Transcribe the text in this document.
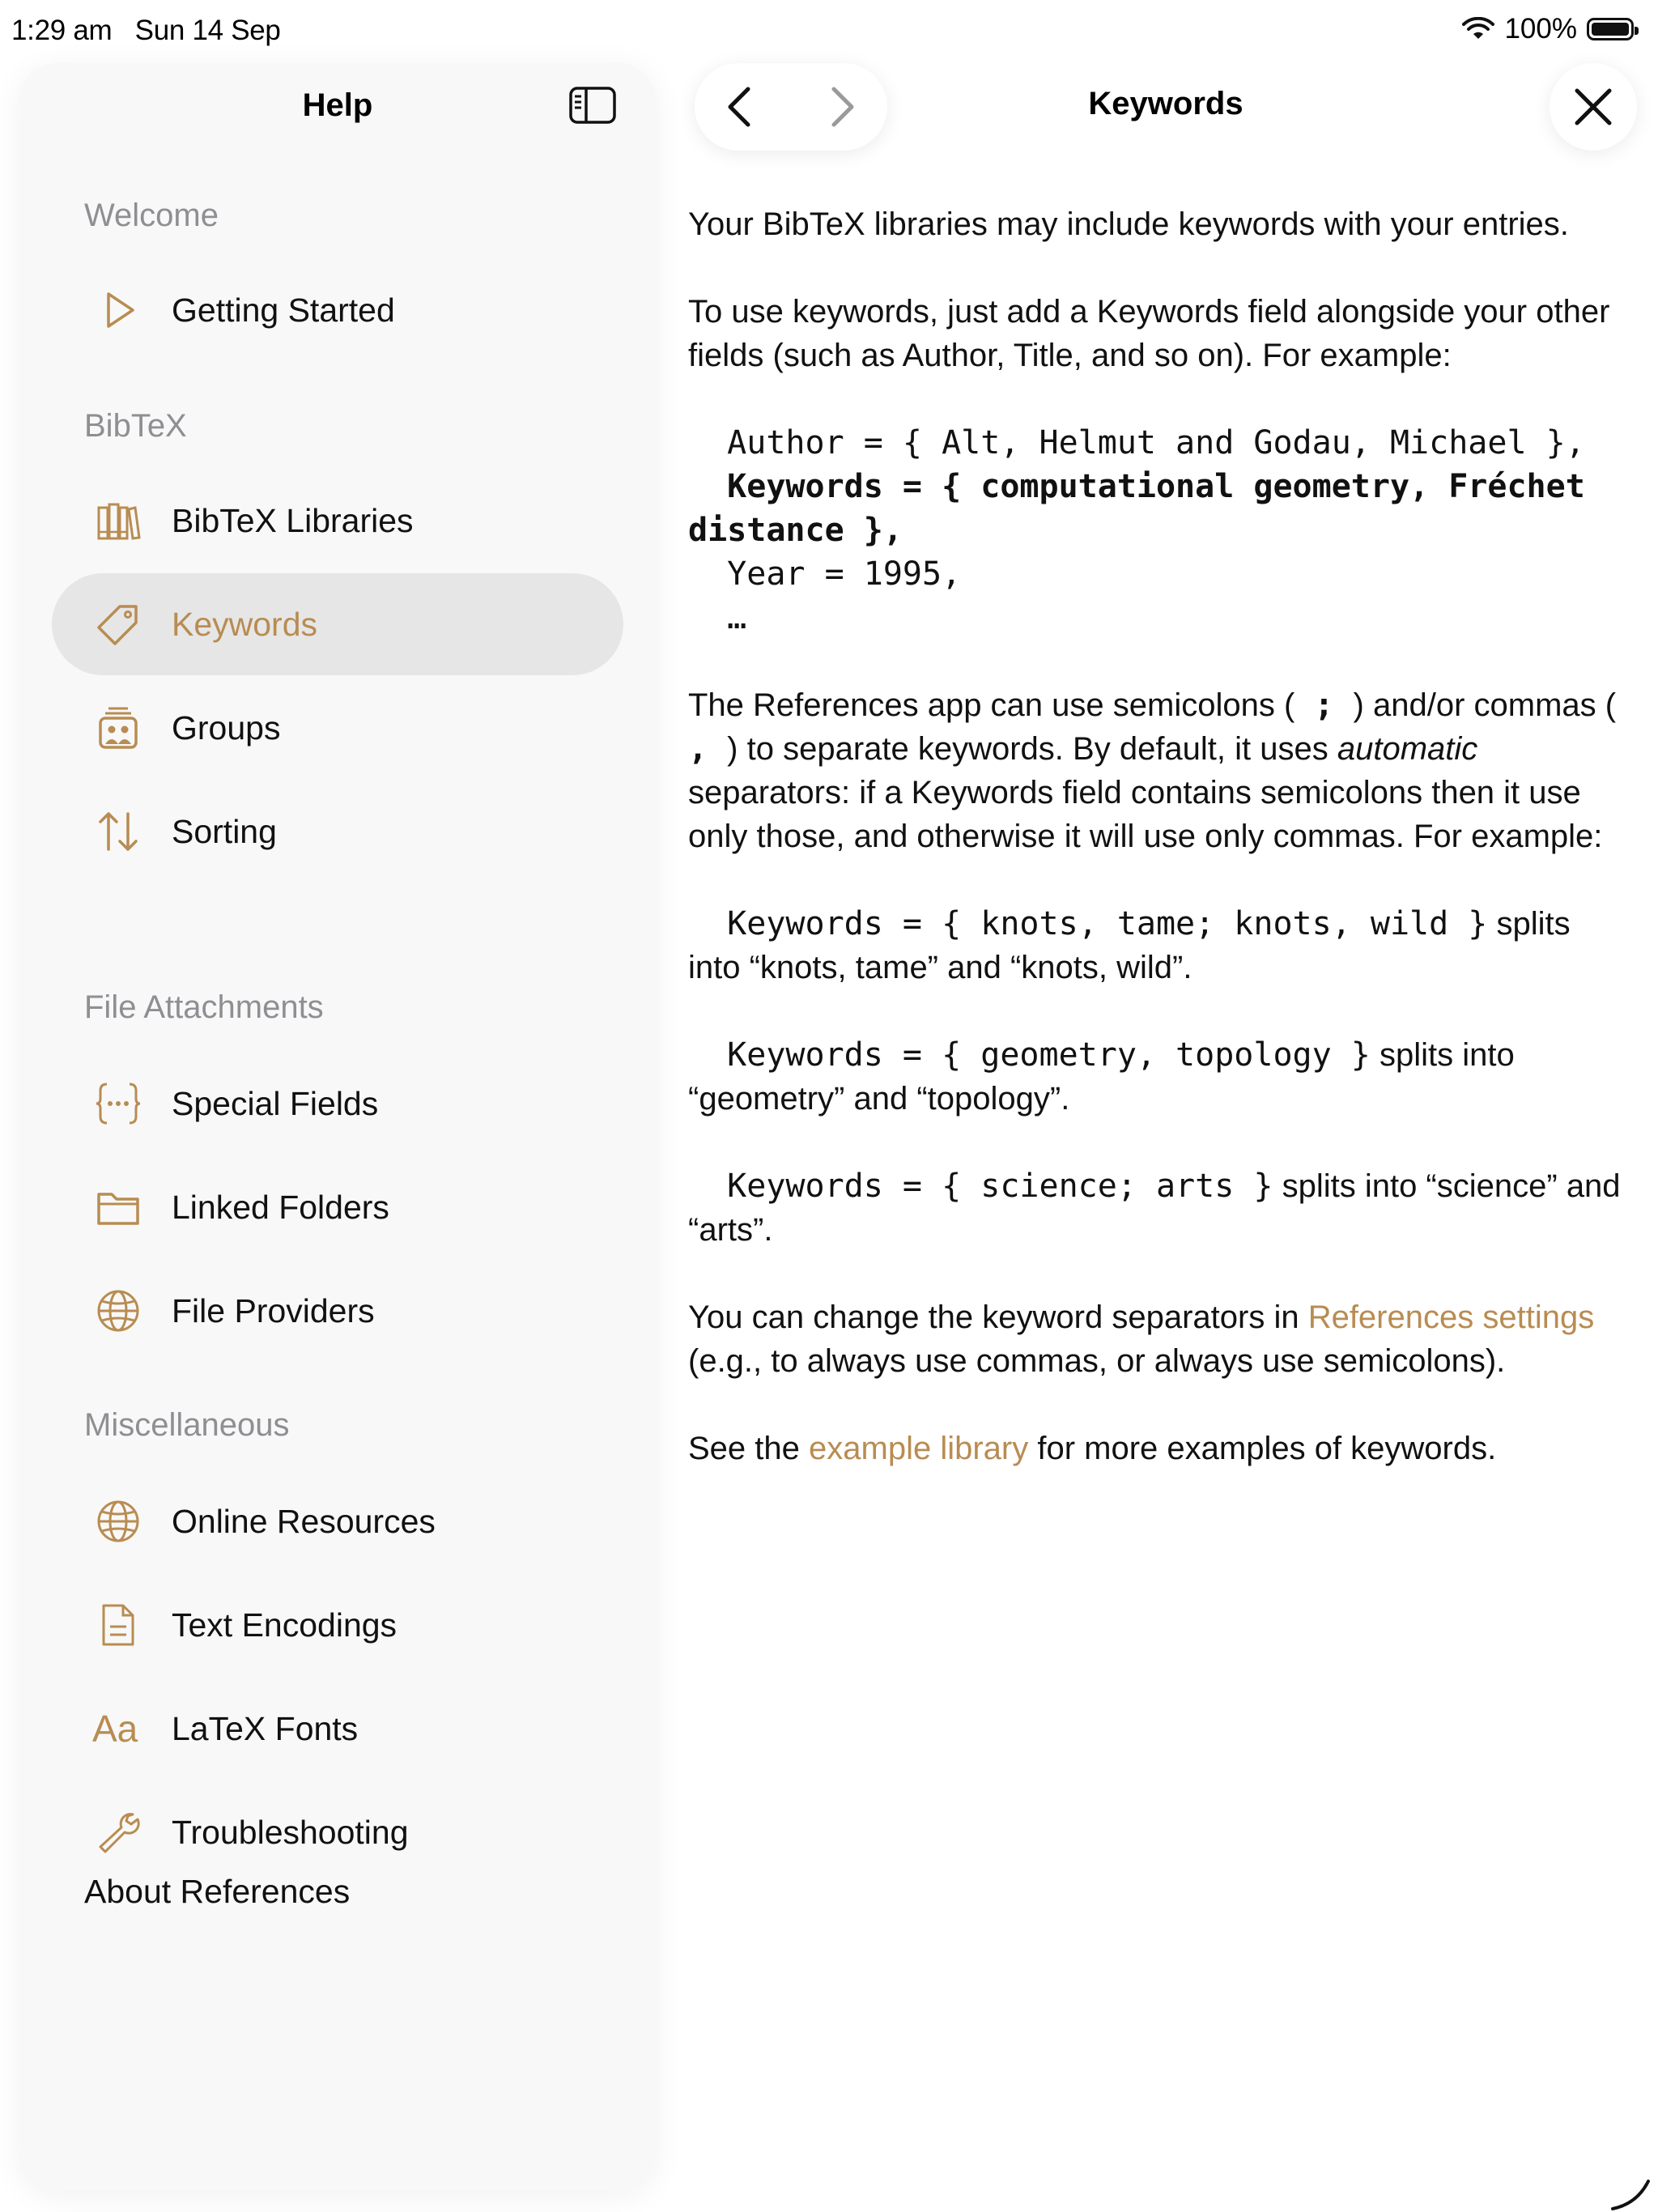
1:29 am Sun 14 Sep	100%
Help
Welcome
Getting Started
BibTeX
BibTeX Libraries
Keywords
Groups
Sorting
File Attachments
Special Fields
Linked Folders
File Providers
Miscellaneous
Online Resources
Text Encodings
Aa LaTeX Fonts
Troubleshooting
About References
Keywords

Your BibTeX libraries may include keywords with your entries.

To use keywords, just add a Keywords field alongside your other fields (such as Author, Title, and so on). For example:

Author = { Alt, Helmut and Godau, Michael },
Keywords = { computational geometry, Fréchet distance },
Year = 1995,
…

The References app can use semicolons ( ; ) and/or commas ( , ) to separate keywords. By default, it uses automatic separators: if a Keywords field contains semicolons then it use only those, and otherwise it will use only commas. For example:

Keywords = { knots, tame; knots, wild } splits into “knots, tame” and “knots, wild”.

Keywords = { geometry, topology } splits into “geometry” and “topology”.

Keywords = { science; arts } splits into “science” and “arts”.

You can change the keyword separators in References settings (e.g., to always use commas, or always use semicolons).

See the example library for more examples of keywords.
